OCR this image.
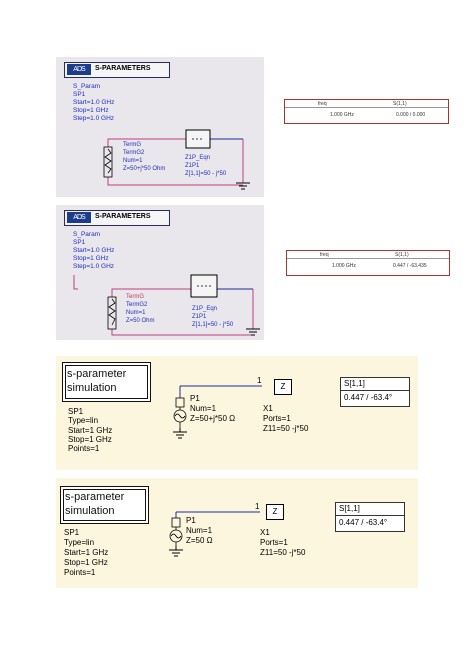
ADS	S-PARAMETERS
S_Param
SP1
Start=1.0 GHz
Stop=1 GHz
Step=1.0 GHz
TermG
TermG2
Num=1
Z=50+j*50 Ohm
Z1P_Eqn
Z1P1
Z[1,1]=50 - j*50
freq	S(1,1)
1.000 GHz	0.000 / 0.000
ADS	S-PARAMETERS
S_Param
SP1
Start=1.0 GHz
Stop=1 GHz
Step=1.0 GHz
TermG
TermG2
Num=1
Z=50 Ohm
Z1P_Eqn
Z1P1
Z[1,1]=50 - j*50
freq	S(1,1)
1.000 GHz	0.447 / -63.435
s-parameter
simulation
SP1
Type=lin
Start=1 GHz
Stop=1 GHz
Points=1
1
Z
P1
Num=1
Z=50+j*50 Ω
X1
Ports=1
Z11=50 -j*50
S[1,1]
0.447 / -63.4°
s-parameter
simulation
SP1
Type=lin
Start=1 GHz
Stop=1 GHz
Points=1
1
Z
P1
Num=1
Z=50 Ω
X1
Ports=1
Z11=50 -j*50
S[1,1]
0.447 / -63.4°
